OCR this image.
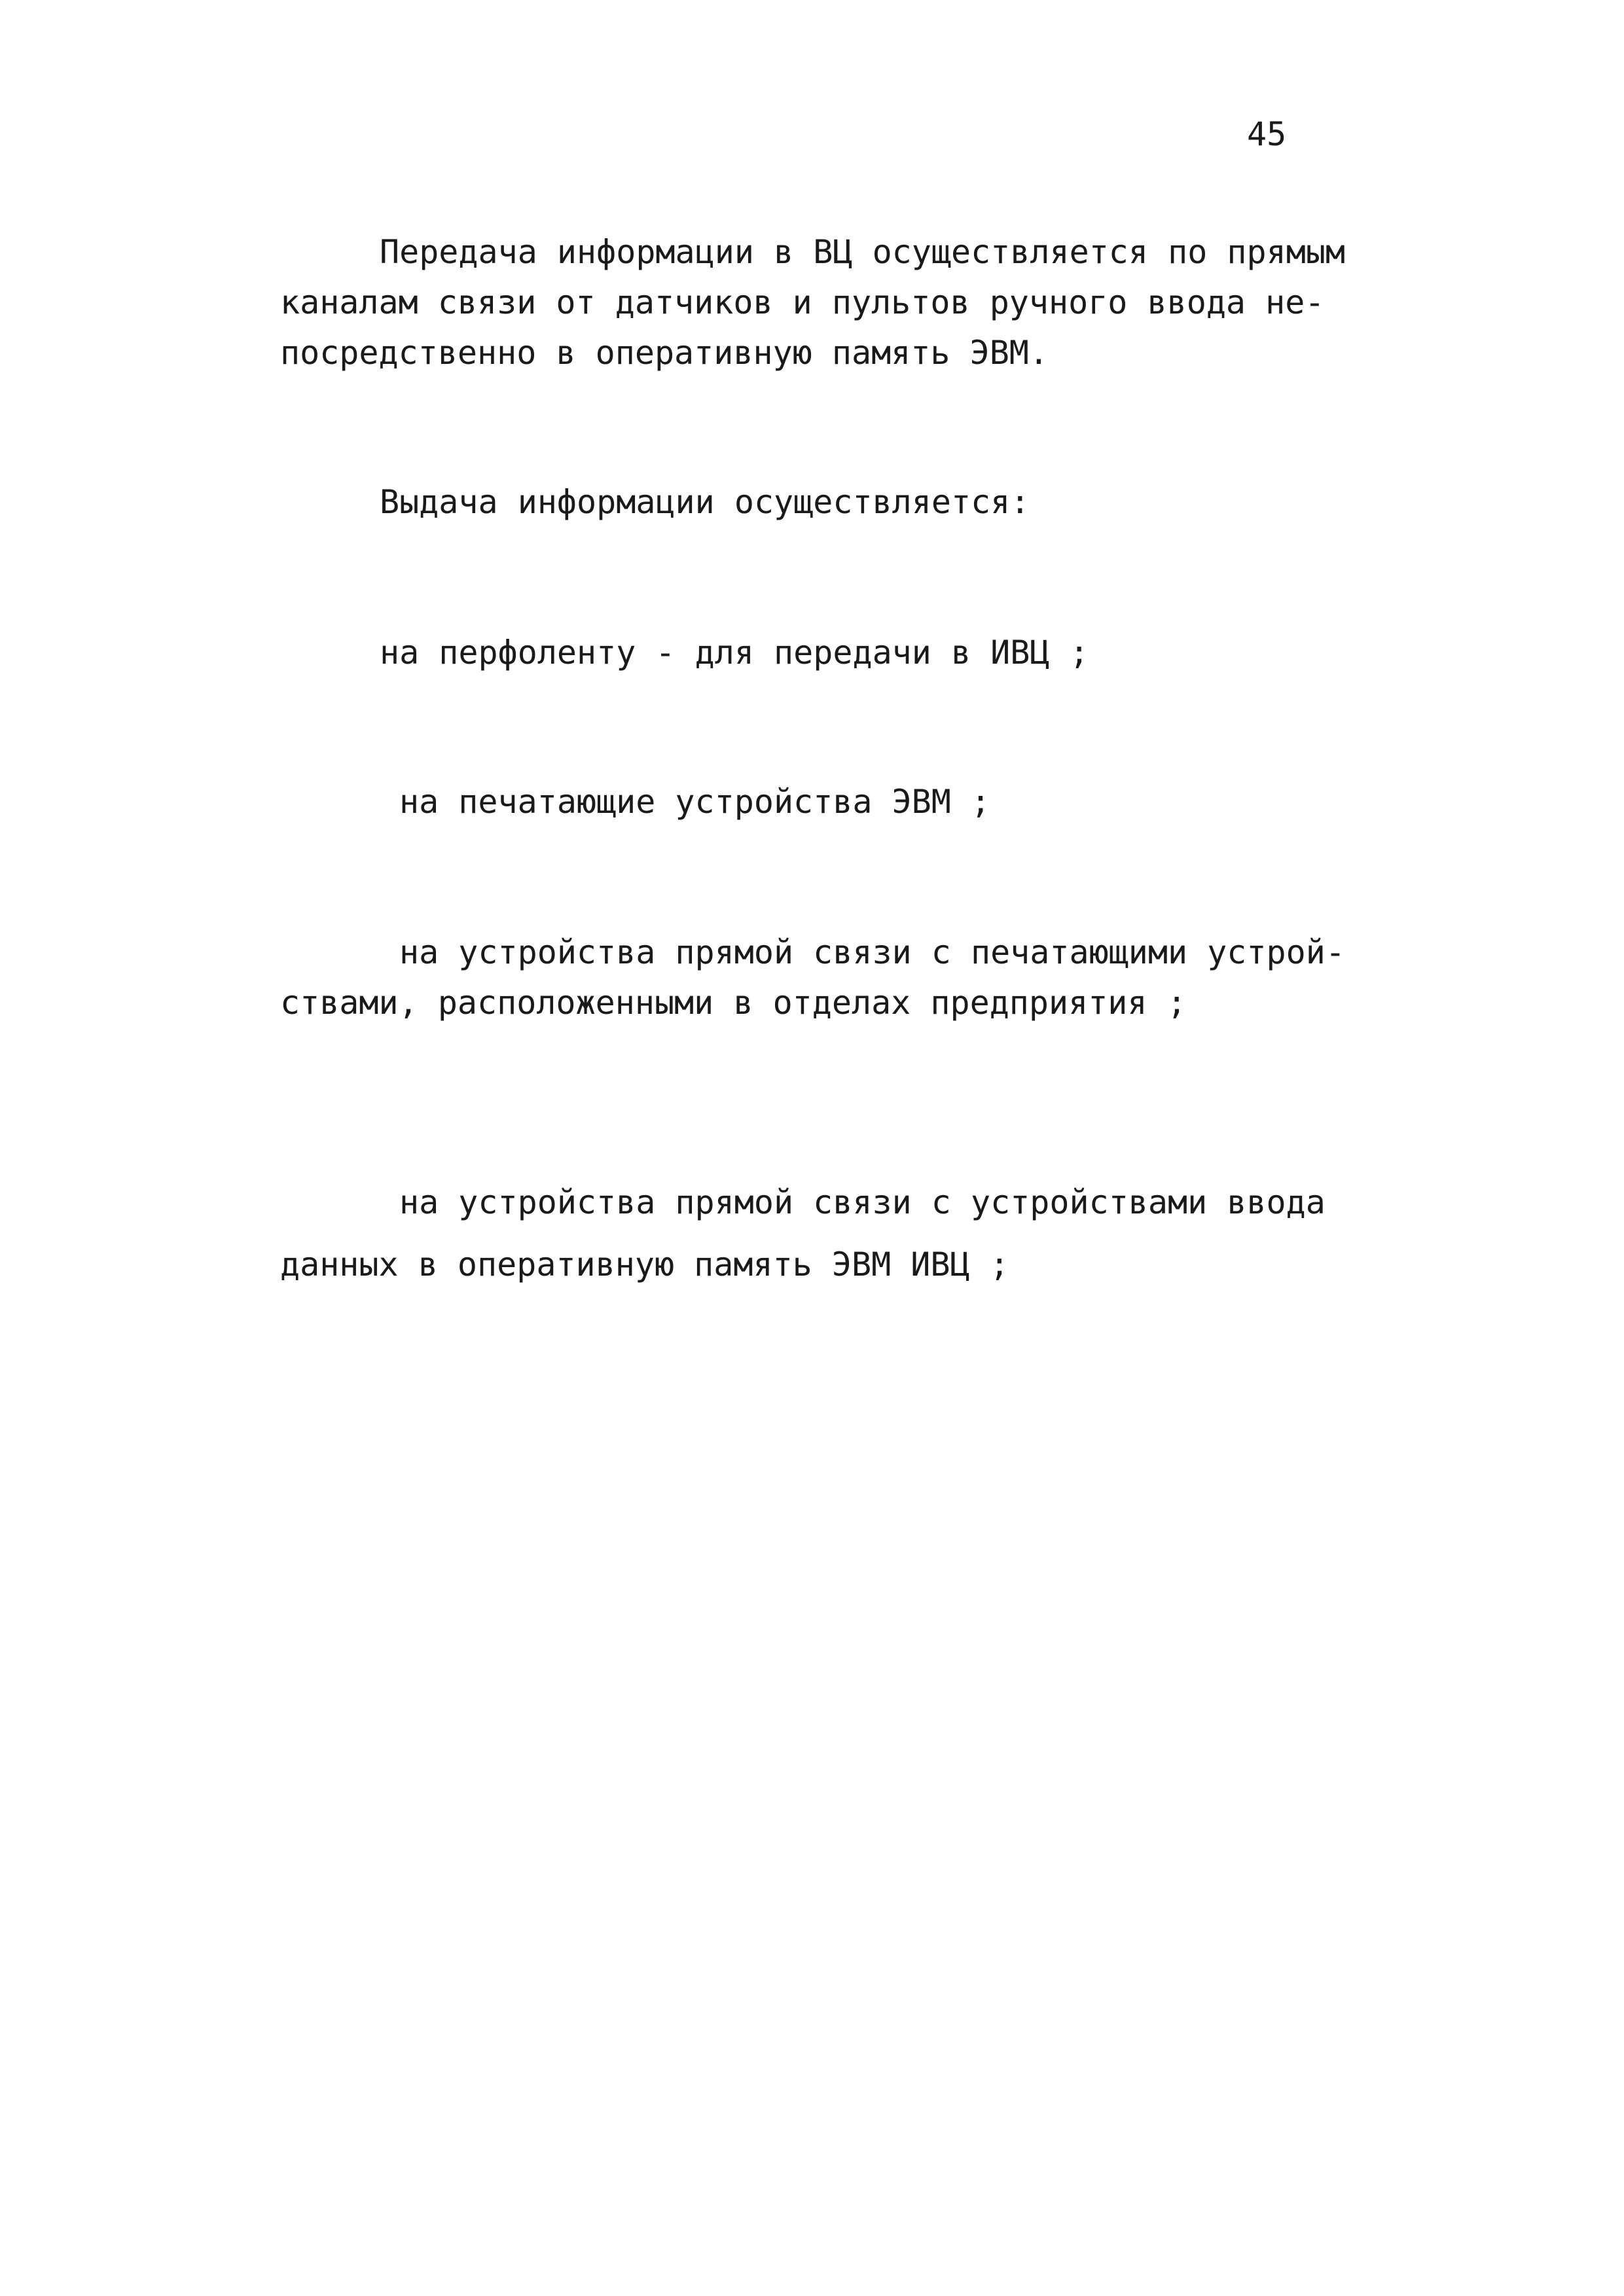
45
Передача информации в ВЦ осуществляется по прямым
каналам связи от датчиков и пультов ручного ввода не-
посредственно в оперативную память ЭВМ.
Выдача информации осуществляется:
на перфоленту - для передачи в ИВЦ ;
на печатающие устройства ЭВМ ;
на устройства прямой связи с печатающими устрой-
ствами, расположенными в отделах предприятия ;
на устройства прямой связи с устройствами ввода
данных в оперативную память ЭВМ ИВЦ ;
